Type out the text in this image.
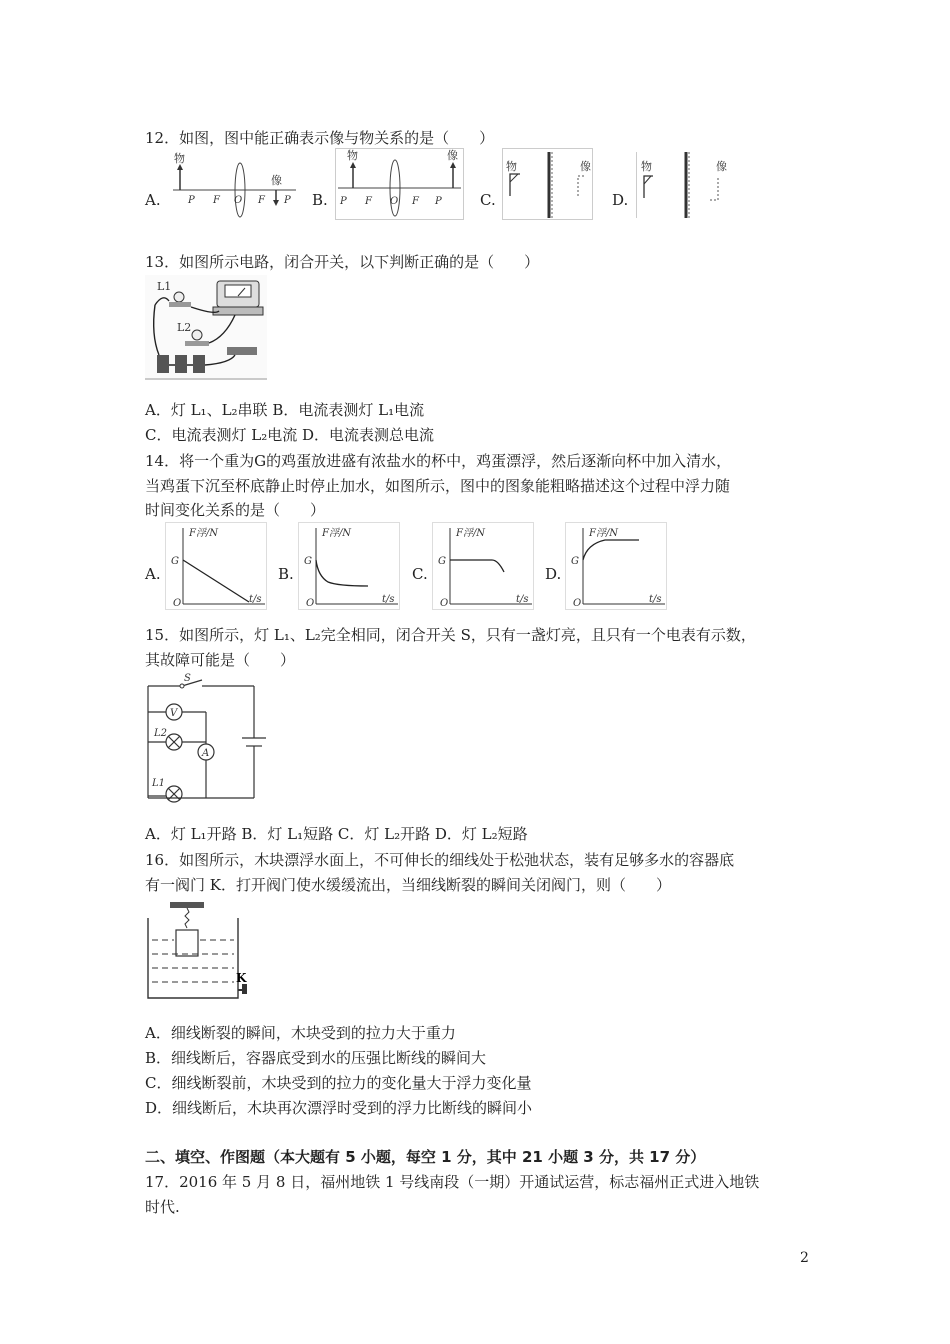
12．如图，图中能正确表示像与物关系的是（　　）
A.	B.	C.	D.
物
像
P F O F P
物	像
P F O F P
物	像	物	像
13．如图所示电路，闭合开关，以下判断正确的是（　　）
L1
L2
A．灯 L₁、L₂串联 B．电流表测灯 L₁电流
C．电流表测灯 L₂电流 D．电流表测总电流
14．将一个重为G的鸡蛋放进盛有浓盐水的杯中，鸡蛋漂浮，然后逐渐向杯中加入清水，
当鸡蛋下沉至杯底静止时停止加水，如图所示，图中的图象能粗略描述这个过程中浮力随
时间变化关系的是（　　）
A.	B.	C.	D.
F浮/N
t/s
G
O
F浮/N
t/s
G
O
F浮/N
t/s
G
O
F浮/N
t/s
G
O
15．如图所示，灯 L₁、L₂完全相同，闭合开关 S，只有一盏灯亮，且只有一个电表有示数，
其故障可能是（　　）
S
V
A
L2
L1
A．灯 L₁开路 B．灯 L₁短路 C．灯 L₂开路 D．灯 L₂短路
16．如图所示，木块漂浮水面上，不可伸长的细线处于松弛状态，装有足够多水的容器底
有一阀门 K．打开阀门使水缓缓流出，当细线断裂的瞬间关闭阀门，则（　　）
K
A．细线断裂的瞬间，木块受到的拉力大于重力
B．细线断后，容器底受到水的压强比断线的瞬间大
C．细线断裂前，木块受到的拉力的变化量大于浮力变化量
D．细线断后，木块再次漂浮时受到的浮力比断线的瞬间小
二、填空、作图题（本大题有 5 小题，每空 1 分，其中 21 小题 3 分，共 17 分）
17．2016 年 5 月 8 日，福州地铁 1 号线南段（一期）开通试运营，标志福州正式进入地铁
时代.
2
